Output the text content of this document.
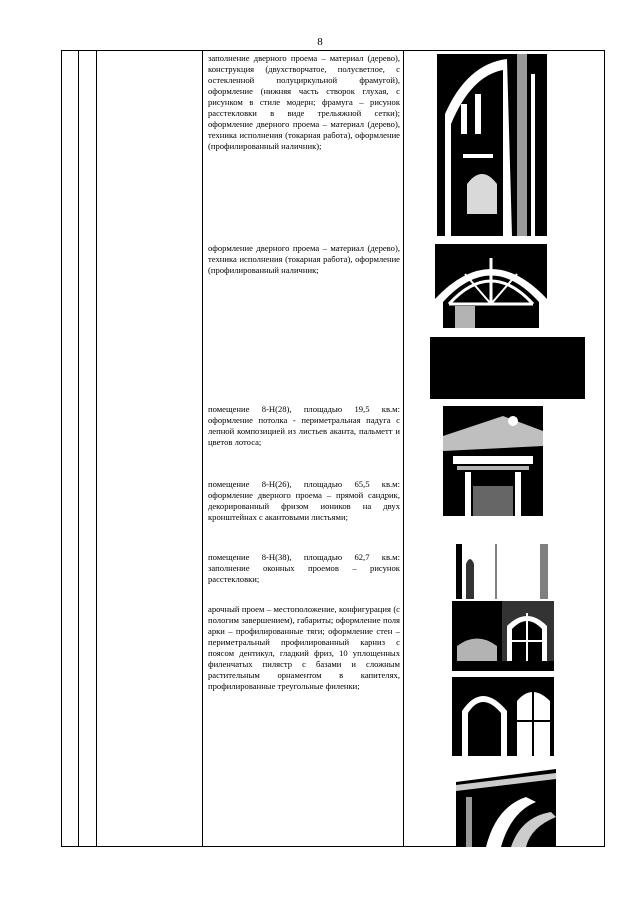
8

заполнение дверного проема – материал (дерево), конструкция (двухстворчатое, полусветлое, с остекленной полуциркульной фрамугой), оформление (нижняя часть створок глухая, с рисунком в стиле модерн; фрамуга – рисунок расстекловки в виде трельяжной сетки); оформление дверного проема – материал (дерево), техника исполнения (токарная работа), оформление (профилированный наличник);

оформление дверного проема – материал (дерево), техника исполнения (токарная работа), оформление (профилированный наличник;

помещение 8-Н(28), площадью 19,5 кв.м: оформление потолка - периметральная падуга с лепной композицией из листьев аканта, пальметт и цветов лотоса;

помещение 8-Н(26), площадью 65,5 кв.м: оформление дверного проема – прямой сандрик, декорированный фризом иоников на двух кронштейнах с акантовыми листьями;

помещение 8-Н(38), площадью 62,7 кв.м: заполнение оконных проемов – рисунок расстекловки;

арочный проем – местоположение, конфигурация (с пологим завершением), габариты; оформление поля арки – профилированные тяги; оформление стен – периметральный профилированный карниз с поясом дентикул, гладкий фриз, 10 уплощенных филенчатых пилястр с базами и сложным растительным орнаментом в капителях, профилированные треугольные филенки;
